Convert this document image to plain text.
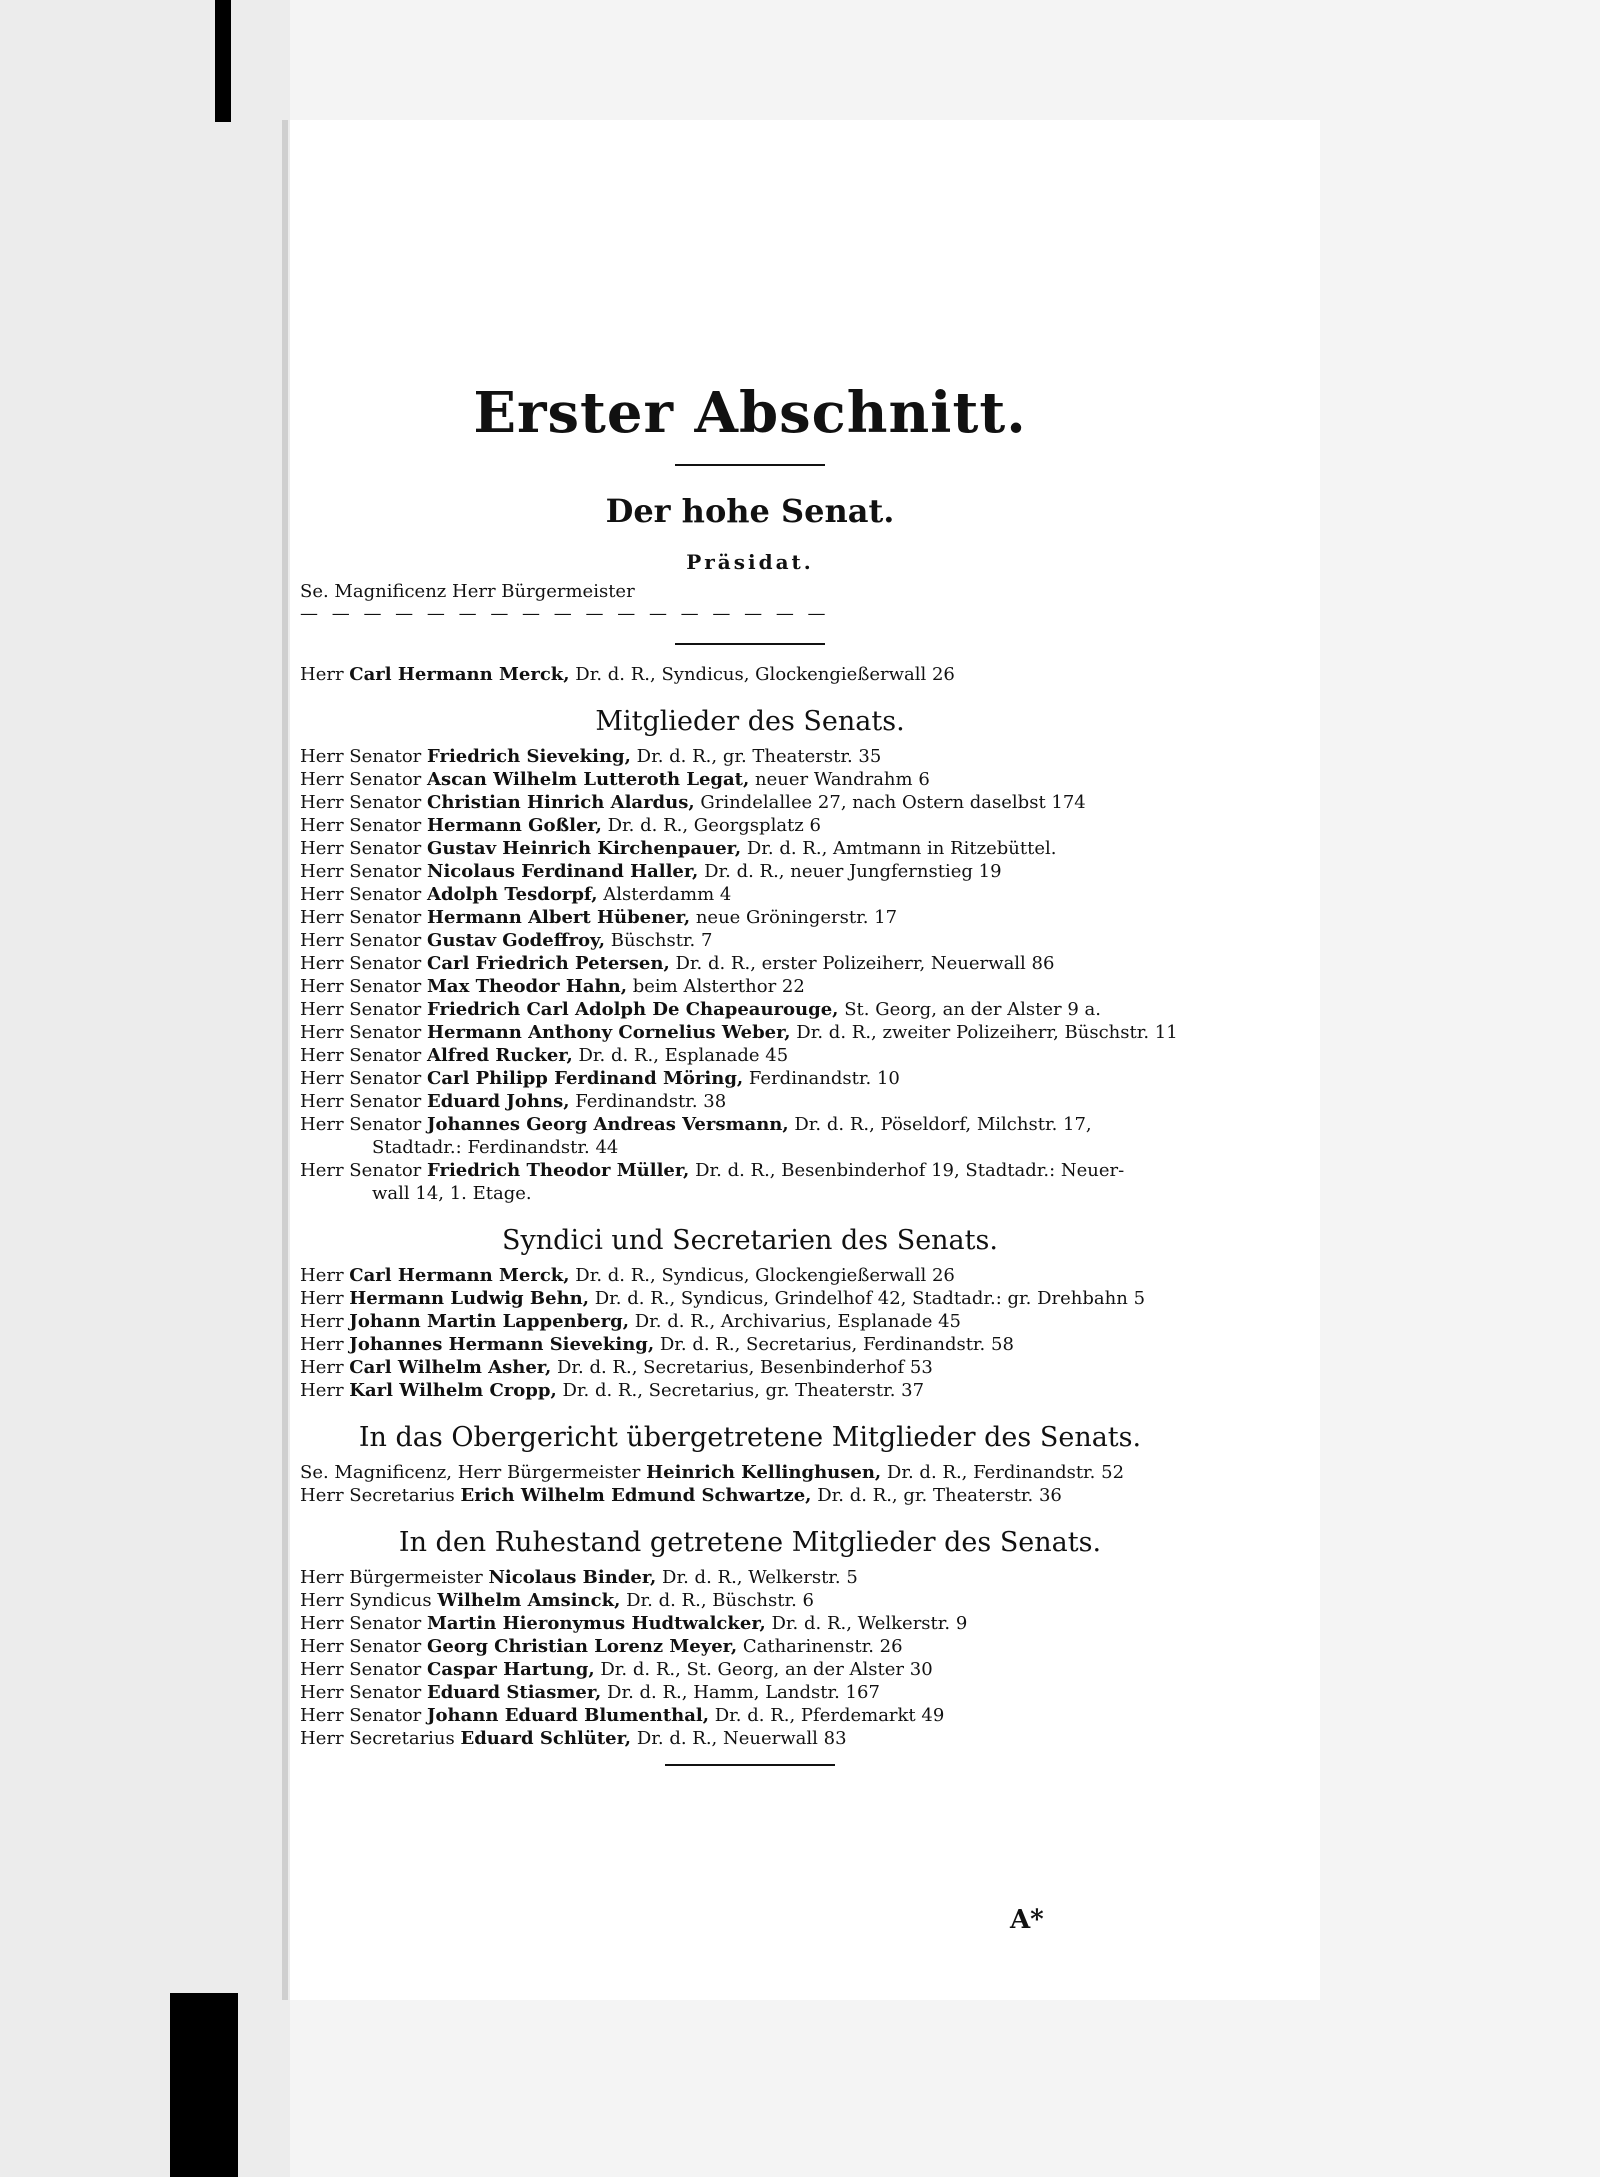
Erster Abschnitt.
Der hohe Senat.
Präsidat.
Se. Magnificenz Herr Bürgermeister
— — — — — — — — — — — — — — — — —
Herr Carl Hermann Merck, Dr. d. R., Syndicus, Glockengießerwall 26
Mitglieder des Senats.
Herr Senator Friedrich Sieveking, Dr. d. R., gr. Theaterstr. 35
Herr Senator Ascan Wilhelm Lutteroth Legat, neuer Wandrahm 6
Herr Senator Christian Hinrich Alardus, Grindelallee 27, nach Ostern daselbst 174
Herr Senator Hermann Goßler, Dr. d. R., Georgsplatz 6
Herr Senator Gustav Heinrich Kirchenpauer, Dr. d. R., Amtmann in Ritzebüttel.
Herr Senator Nicolaus Ferdinand Haller, Dr. d. R., neuer Jungfernstieg 19
Herr Senator Adolph Tesdorpf, Alsterdamm 4
Herr Senator Hermann Albert Hübener, neue Gröningerstr. 17
Herr Senator Gustav Godeffroy, Büschstr. 7
Herr Senator Carl Friedrich Petersen, Dr. d. R., erster Polizeiherr, Neuerwall 86
Herr Senator Max Theodor Hahn, beim Alsterthor 22
Herr Senator Friedrich Carl Adolph De Chapeaurouge, St. Georg, an der Alster 9 a.
Herr Senator Hermann Anthony Cornelius Weber, Dr. d. R., zweiter Polizeiherr, Büschstr. 11
Herr Senator Alfred Rucker, Dr. d. R., Esplanade 45
Herr Senator Carl Philipp Ferdinand Möring, Ferdinandstr. 10
Herr Senator Eduard Johns, Ferdinandstr. 38
Herr Senator Johannes Georg Andreas Versmann, Dr. d. R., Pöseldorf, Milchstr. 17,
Stadtadr.: Ferdinandstr. 44
Herr Senator Friedrich Theodor Müller, Dr. d. R., Besenbinderhof 19, Stadtadr.: Neuer-
wall 14, 1. Etage.
Syndici und Secretarien des Senats.
Herr Carl Hermann Merck, Dr. d. R., Syndicus, Glockengießerwall 26
Herr Hermann Ludwig Behn, Dr. d. R., Syndicus, Grindelhof 42, Stadtadr.: gr. Drehbahn 5
Herr Johann Martin Lappenberg, Dr. d. R., Archivarius, Esplanade 45
Herr Johannes Hermann Sieveking, Dr. d. R., Secretarius, Ferdinandstr. 58
Herr Carl Wilhelm Asher, Dr. d. R., Secretarius, Besenbinderhof 53
Herr Karl Wilhelm Cropp, Dr. d. R., Secretarius, gr. Theaterstr. 37
In das Obergericht übergetretene Mitglieder des Senats.
Se. Magnificenz, Herr Bürgermeister Heinrich Kellinghusen, Dr. d. R., Ferdinandstr. 52
Herr Secretarius Erich Wilhelm Edmund Schwartze, Dr. d. R., gr. Theaterstr. 36
In den Ruhestand getretene Mitglieder des Senats.
Herr Bürgermeister Nicolaus Binder, Dr. d. R., Welkerstr. 5
Herr Syndicus Wilhelm Amsinck, Dr. d. R., Büschstr. 6
Herr Senator Martin Hieronymus Hudtwalcker, Dr. d. R., Welkerstr. 9
Herr Senator Georg Christian Lorenz Meyer, Catharinenstr. 26
Herr Senator Caspar Hartung, Dr. d. R., St. Georg, an der Alster 30
Herr Senator Eduard Stiasmer, Dr. d. R., Hamm, Landstr. 167
Herr Senator Johann Eduard Blumenthal, Dr. d. R., Pferdemarkt 49
Herr Secretarius Eduard Schlüter, Dr. d. R., Neuerwall 83
A*
